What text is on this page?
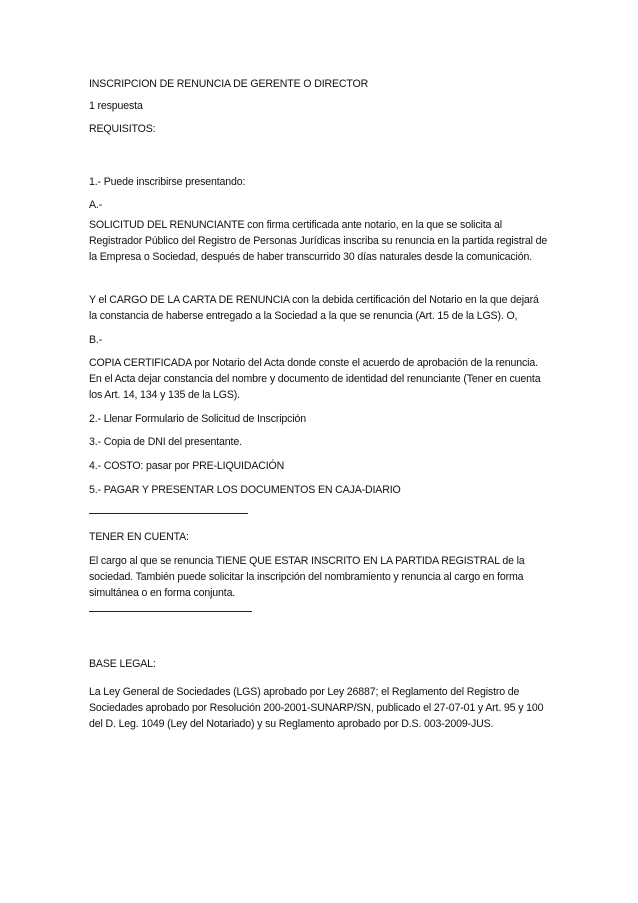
INSCRIPCION DE RENUNCIA DE GERENTE O DIRECTOR

1 respuesta

REQUISITOS:

1.- Puede inscribirse presentando:

A.-

SOLICITUD DEL RENUNCIANTE con firma certificada ante notario, en la que se solicita al Registrador Público del Registro de Personas Jurídicas inscriba su renuncia en la partida registral de la Empresa o Sociedad, después de haber transcurrido 30 días naturales desde la comunicación.

Y el CARGO DE LA CARTA DE RENUNCIA con la debida certificación del Notario en la que dejará la constancia de haberse entregado a la Sociedad a la que se renuncia (Art. 15 de la LGS). O,

B.-

COPIA CERTIFICADA por Notario del Acta donde conste el acuerdo de aprobación de la renuncia. En el Acta dejar constancia del nombre y documento de identidad del renunciante (Tener en cuenta los Art. 14, 134 y 135 de la LGS).

2.- Llenar Formulario de Solicitud de Inscripción

3.- Copia de DNI del presentante.

4.- COSTO: pasar por PRE-LIQUIDACIÓN

5.- PAGAR Y PRESENTAR LOS DOCUMENTOS EN CAJA-DIARIO

TENER EN CUENTA:

El cargo al que se renuncia TIENE QUE ESTAR INSCRITO EN LA PARTIDA REGISTRAL de la sociedad. También puede solicitar la inscripción del nombramiento y renuncia al cargo en forma simultánea o en forma conjunta.

BASE LEGAL:

La Ley General de Sociedades (LGS) aprobado por Ley 26887; el Reglamento del Registro de Sociedades aprobado por Resolución 200-2001-SUNARP/SN, publicado el 27-07-01 y Art. 95 y 100 del D. Leg. 1049 (Ley del Notariado) y su Reglamento aprobado por D.S. 003-2009-JUS.
